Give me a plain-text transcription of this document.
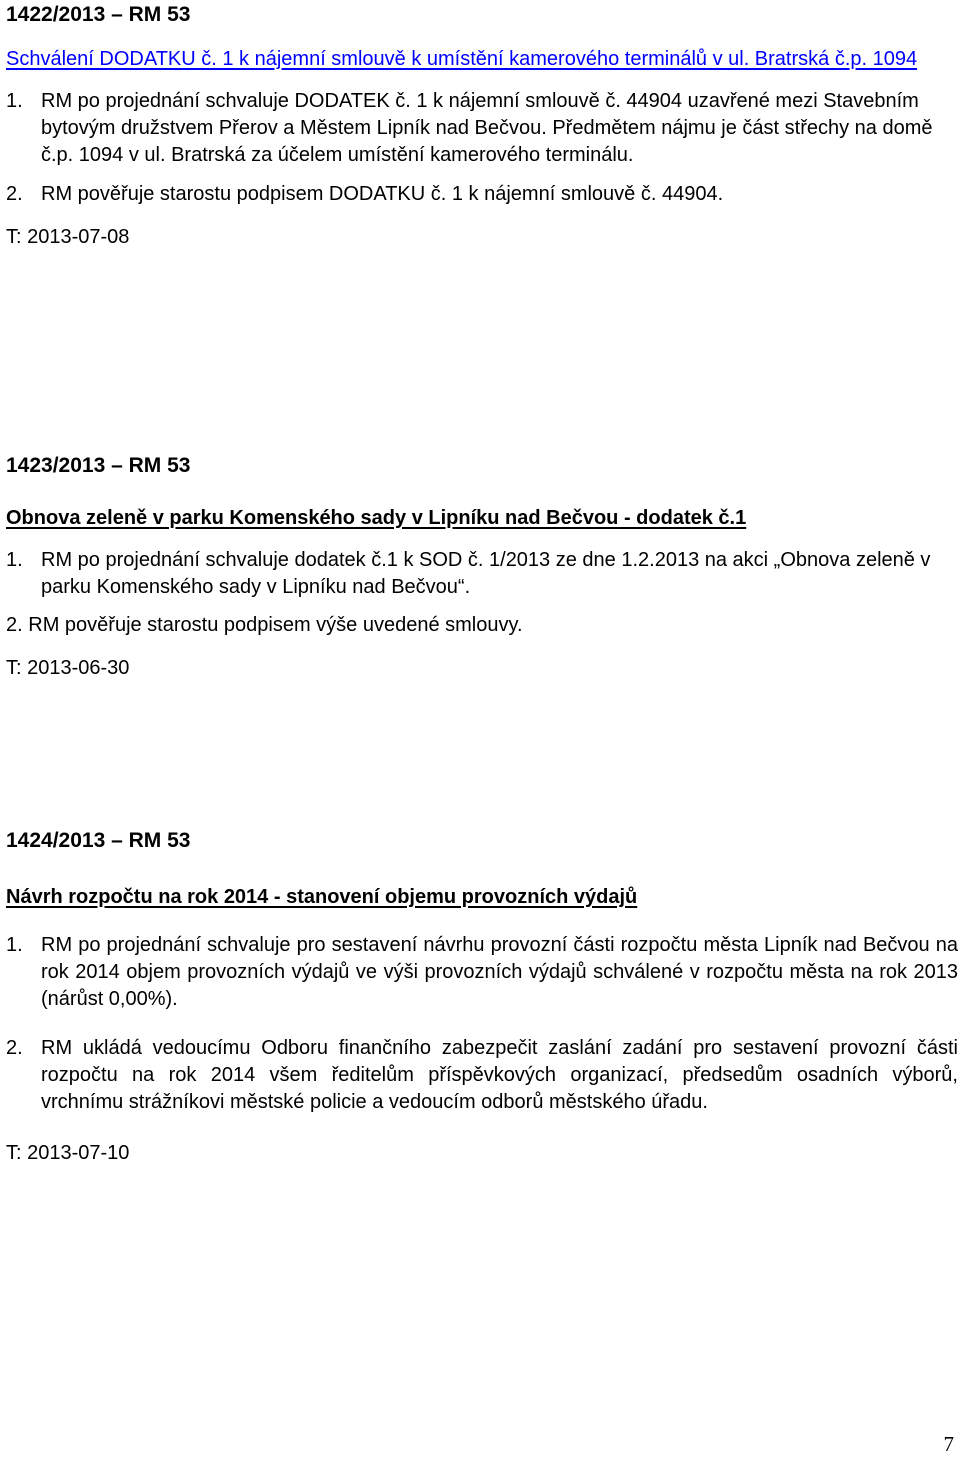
1422/2013 – RM 53

Schválení DODATKU č. 1 k nájemní smlouvě k umístění kamerového terminálů v ul. Bratrská č.p. 1094

1. RM po projednání schvaluje DODATEK č. 1 k nájemní smlouvě č. 44904 uzavřené mezi Stavebním bytovým družstvem Přerov a Městem Lipník nad Bečvou. Předmětem nájmu je část střechy na domě č.p. 1094 v ul. Bratrská za účelem umístění kamerového terminálu.

2. RM pověřuje starostu podpisem DODATKU č. 1 k nájemní smlouvě č. 44904.

T: 2013-07-08

1423/2013 – RM 53

Obnova zeleně v parku Komenského sady v Lipníku nad Bečvou - dodatek č.1

1. RM po projednání schvaluje dodatek č.1 k SOD č. 1/2013 ze dne 1.2.2013 na akci „Obnova zeleně v parku Komenského sady v Lipníku nad Bečvou“.

2. RM pověřuje starostu podpisem výše uvedené smlouvy.

T: 2013-06-30

1424/2013 – RM 53

Návrh rozpočtu na rok 2014 - stanovení objemu provozních výdajů

1. RM po projednání schvaluje pro sestavení návrhu provozní části rozpočtu města Lipník nad Bečvou na rok 2014 objem provozních výdajů ve výši provozních výdajů schválené v rozpočtu města na rok 2013 (nárůst 0,00%).

2. RM ukládá vedoucímu Odboru finančního zabezpečit zaslání zadání pro sestavení provozní části rozpočtu na rok 2014 všem ředitelům příspěvkových organizací, předsedům osadních výborů, vrchnímu strážníkovi městské policie a vedoucím odborů městského úřadu.

T: 2013-07-10

7
